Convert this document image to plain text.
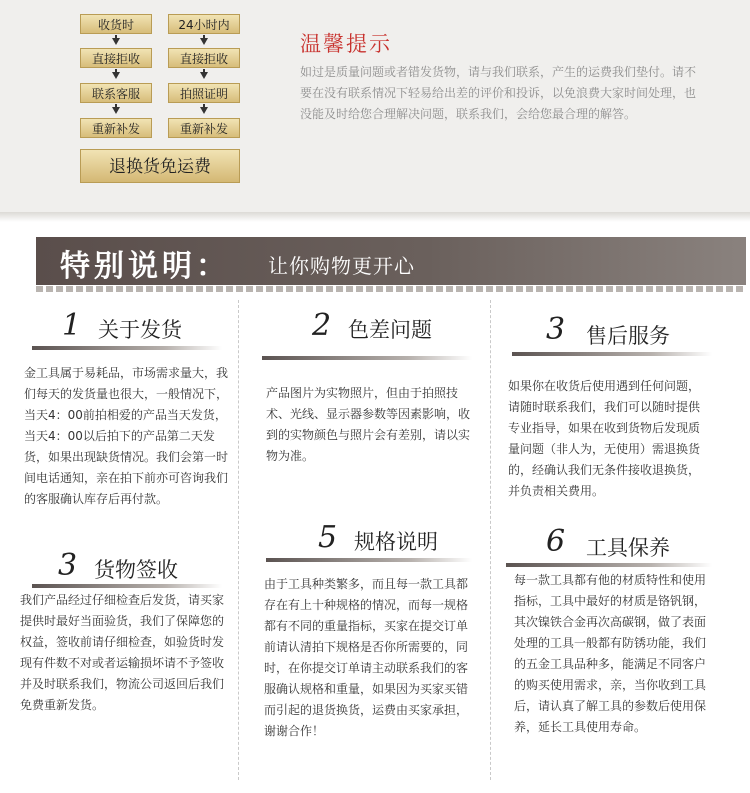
收货时
直接拒收
联系客服
重新补发
24小时内
直接拒收
拍照证明
重新补发
退换货免运费
温馨提示
如过是质量问题或者错发货物，请与我们联系，产生的运费我们垫付。请不要在没有联系情况下轻易给出差的评价和投诉，以免浪费大家时间处理，也没能及时给您合理解决问题，联系我们，会给您最合理的解答。
特别说明： 让你购物更开心
1 关于发货
金工具属于易耗品，市场需求量大，我们每天的发货量也很大，一般情况下，当天4：00前拍相爱的产品当天发货，当天4：00以后拍下的产品第二天发货，如果出现缺货情况。我们会第一时间电话通知，亲在拍下前亦可咨询我们的客服确认库存后再付款。
2 色差问题
产品图片为实物照片，但由于拍照技术、光线、显示器参数等因素影响，收到的实物颜色与照片会有差别，请以实物为准。
3 售后服务
如果你在收货后使用遇到任何问题，请随时联系我们，我们可以随时提供专业指导，如果在收到货物后发现质量问题（非人为，无使用）需退换货的，经确认我们无条件接收退换货，并负责相关费用。
3 货物签收
我们产品经过仔细检查后发货，请买家提供时最好当面验货，我们了保障您的权益，签收前请仔细检查，如验货时发现有件数不对或者运输损坏请不予签收并及时联系我们，物流公司返回后我们免费重新发货。
5 规格说明
由于工具种类繁多，而且每一款工具都存在有上十种规格的情况，而每一规格都有不同的重量指标，买家在提交订单前请认清拍下规格是否你所需要的，同时，在你提交订单请主动联系我们的客服确认规格和重量，如果因为买家买错而引起的退货换货，运费由买家承担，谢谢合作！
6 工具保养
每一款工具都有他的材质特性和使用指标，工具中最好的材质是铬钒钢，其次镍铁合金再次高碳钢，做了表面处理的工具一般都有防锈功能，我们的五金工具品种多，能满足不同客户的购买使用需求，亲，当你收到工具后，请认真了解工具的参数后使用保养，延长工具使用寿命。
